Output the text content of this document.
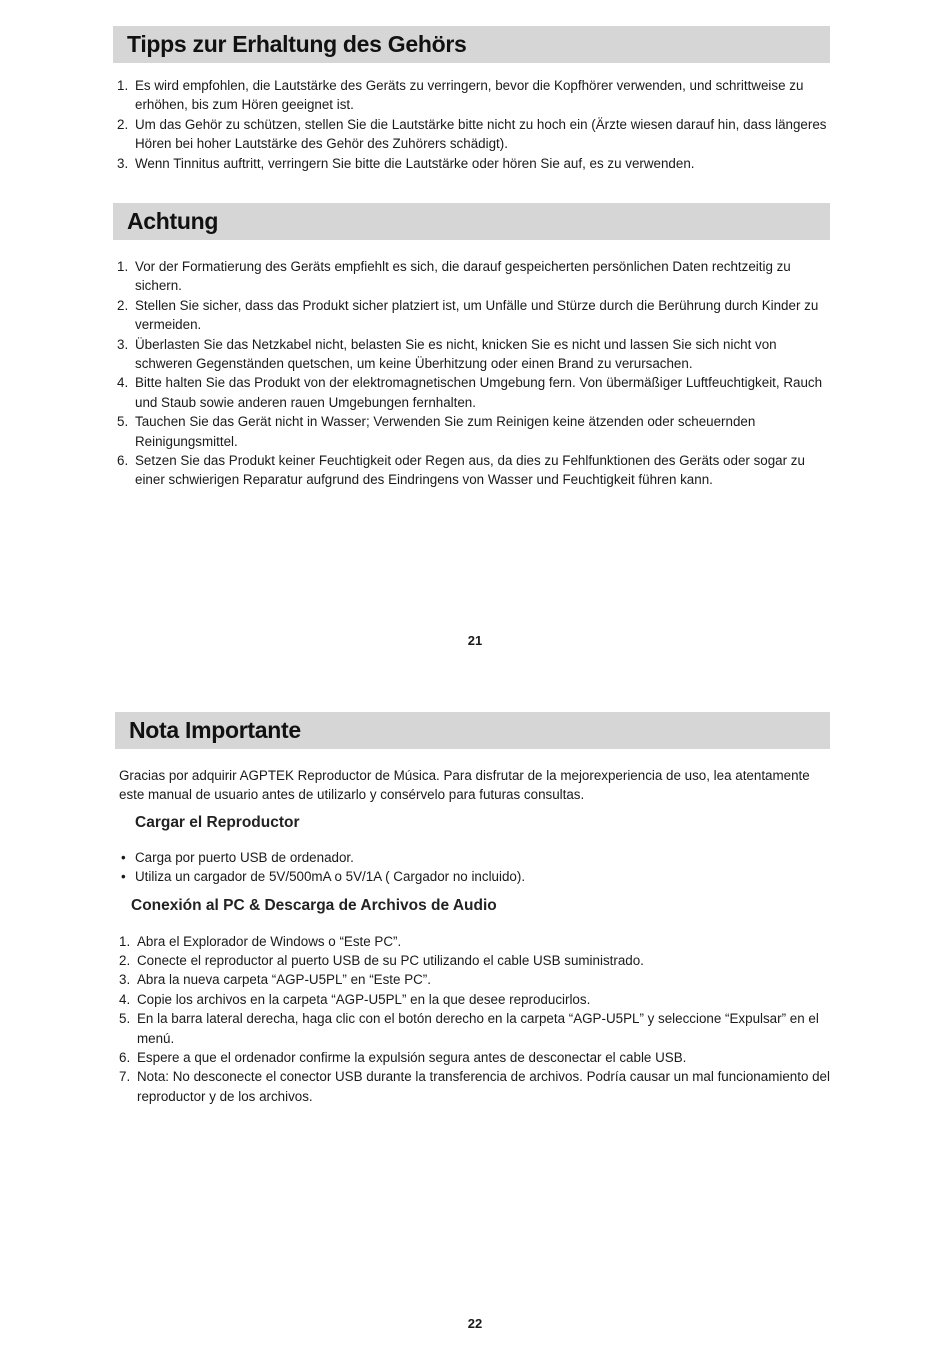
Tipps zur Erhaltung des Gehörs
1. Es wird empfohlen, die Lautstärke des Geräts zu verringern, bevor die Kopfhörer verwenden, und schrittweise zu erhöhen, bis zum Hören geeignet ist.
2. Um das Gehör zu schützen, stellen Sie die Lautstärke bitte nicht zu hoch ein (Ärzte wiesen darauf hin, dass längeres Hören bei hoher Lautstärke des Gehör des Zuhörers schädigt).
3. Wenn Tinnitus auftritt, verringern Sie bitte die Lautstärke oder hören Sie auf, es zu verwenden.
Achtung
1. Vor der Formatierung des Geräts empfiehlt es sich, die darauf gespeicherten persönlichen Daten rechtzeitig zu sichern.
2. Stellen Sie sicher, dass das Produkt sicher platziert ist, um Unfälle und Stürze durch die Berührung durch Kinder zu vermeiden.
3. Überlasten Sie das Netzkabel nicht, belasten Sie es nicht, knicken Sie es nicht und lassen Sie sich nicht von schweren Gegenständen quetschen, um keine Überhitzung oder einen Brand zu verursachen.
4. Bitte halten Sie das Produkt von der elektromagnetischen Umgebung fern. Von übermäßiger Luftfeuchtigkeit, Rauch und Staub sowie anderen rauen Umgebungen fernhalten.
5. Tauchen Sie das Gerät nicht in Wasser; Verwenden Sie zum Reinigen keine ätzenden oder scheuernden Reinigungsmittel.
6. Setzen Sie das Produkt keiner Feuchtigkeit oder Regen aus, da dies zu Fehlfunktionen des Geräts oder sogar zu einer schwierigen Reparatur aufgrund des Eindringens von Wasser und Feuchtigkeit führen kann.
21
Nota Importante

Gracias por adquirir AGPTEK Reproductor de Música. Para disfrutar de la mejorexperiencia de uso, lea atentamente este manual de usuario antes de utilizarlo y consérvelo para futuras consultas.

Cargar el Reproductor

• Carga por puerto USB de ordenador.
• Utiliza un cargador de 5V/500mA o 5V/1A ( Cargador no incluido).

Conexión al PC & Descarga de Archivos de Audio

1. Abra el Explorador de Windows o “Este PC”.
2. Conecte el reproductor al puerto USB de su PC utilizando el cable USB suministrado.
3. Abra la nueva carpeta “AGP-U5PL” en “Este PC”.
4. Copie los archivos en la carpeta “AGP-U5PL” en la que desee reproducirlos.
5. En la barra lateral derecha, haga clic con el botón derecho en la carpeta “AGP-U5PL” y seleccione “Expulsar” en el menú.
6. Espere a que el ordenador confirme la expulsión segura antes de desconectar el cable USB.
7. Nota: No desconecte el conector USB durante la transferencia de archivos. Podría causar un mal funcionamiento del reproductor y de los archivos.
22
